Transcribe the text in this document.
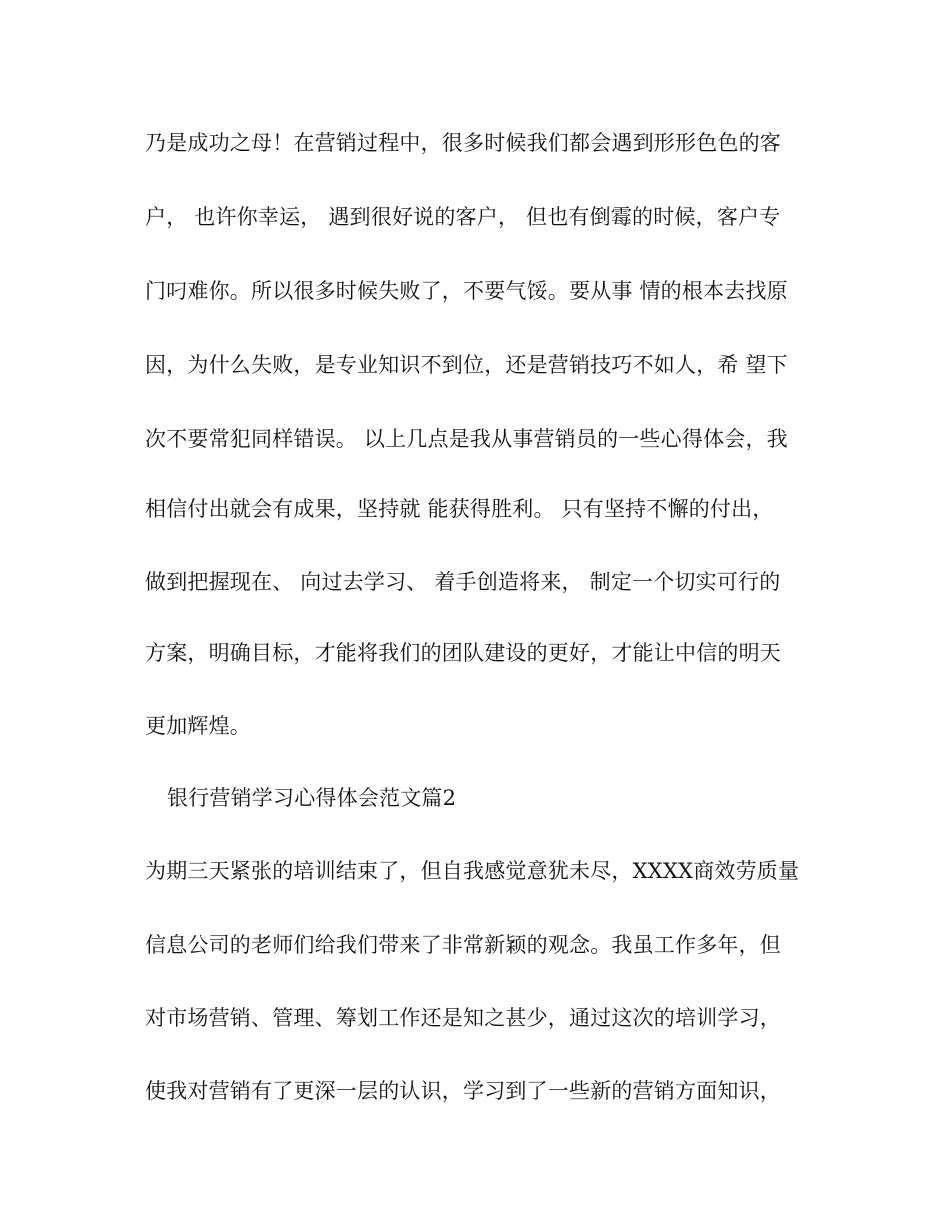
乃是成功之母！在营销过程中，很多时候我们都会遇到形形色色的客
户， 也许你幸运， 遇到很好说的客户， 但也有倒霉的时候，客户专
门叼难你。所以很多时候失败了，不要气馁。要从事 情的根本去找原
因，为什么失败，是专业知识不到位，还是营销技巧不如人，希 望下
次不要常犯同样错误。 以上几点是我从事营销员的一些心得体会，我
相信付出就会有成果，坚持就 能获得胜利。 只有坚持不懈的付出，
做到把握现在、 向过去学习、 着手创造将来， 制定一个切实可行的
方案，明确目标，才能将我们的团队建设的更好，才能让中信的明天
更加辉煌。
银行营销学习心得体会范文篇2
为期三天紧张的培训结束了，但自我感觉意犹未尽，XXXX商效劳质量
信息公司的老师们给我们带来了非常新颖的观念。我虽工作多年，但
对市场营销、管理、筹划工作还是知之甚少，通过这次的培训学习，
使我对营销有了更深一层的认识，学习到了一些新的营销方面知识，
